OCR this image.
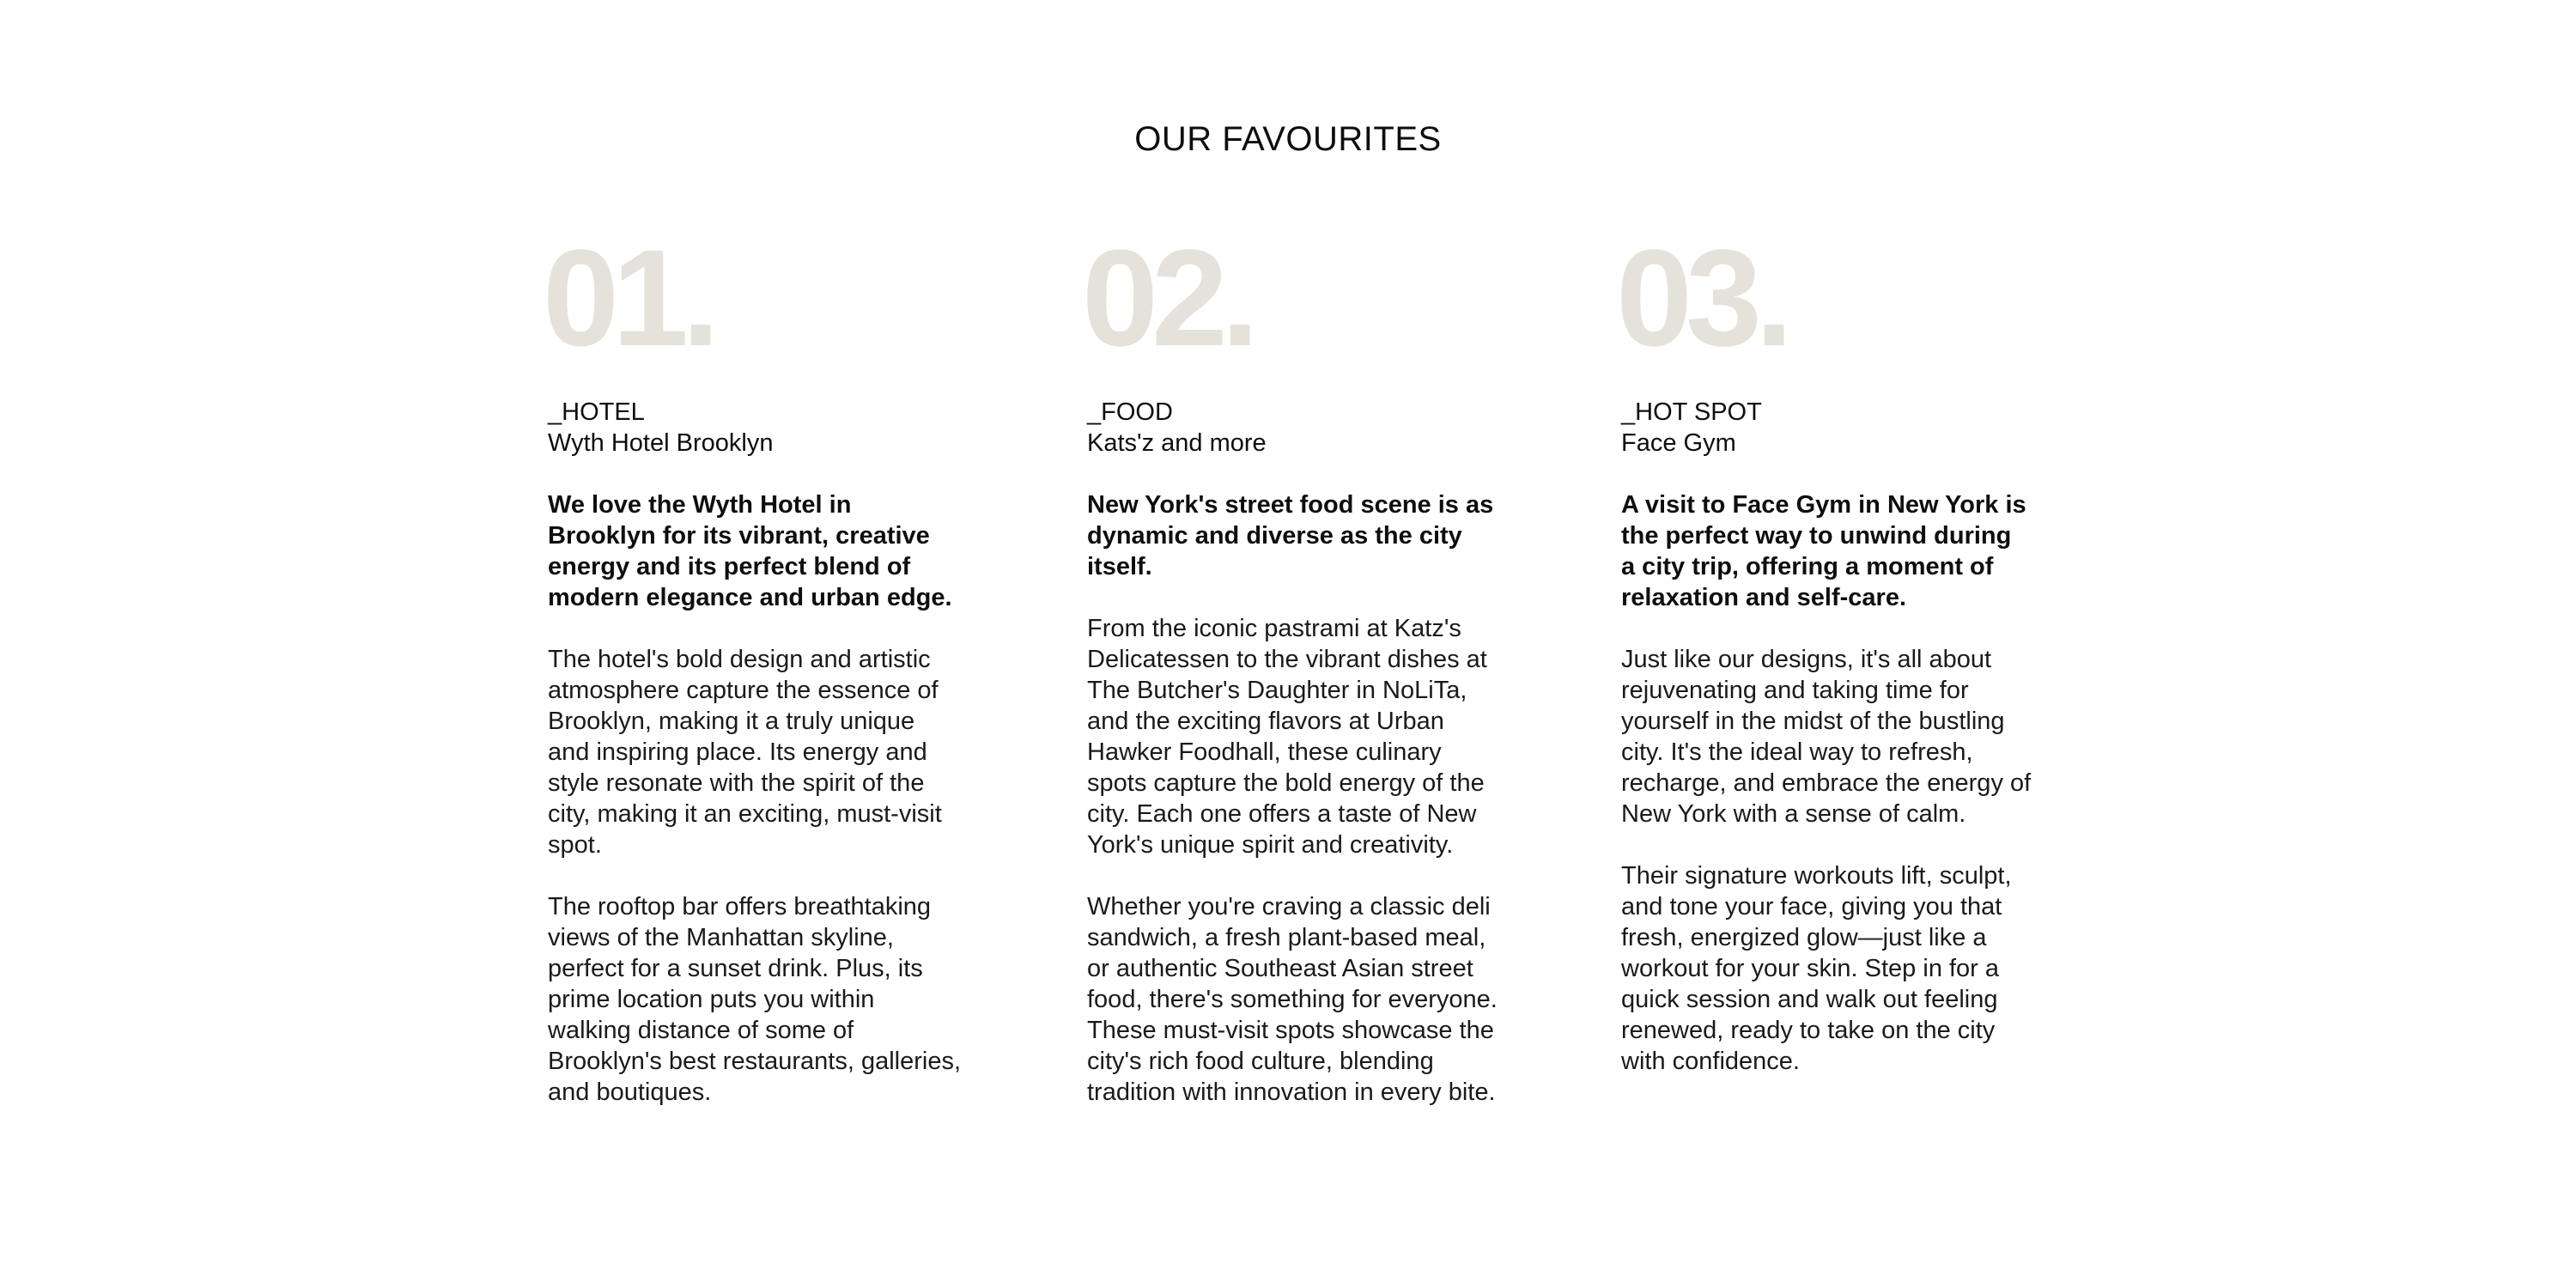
OUR FAVOURITES
01.
_HOTEL
Wyth Hotel Brooklyn
We love the Wyth Hotel in
Brooklyn for its vibrant, creative
energy and its perfect blend of
modern elegance and urban edge.
The hotel's bold design and artistic
atmosphere capture the essence of
Brooklyn, making it a truly unique
and inspiring place. Its energy and
style resonate with the spirit of the
city, making it an exciting, must-visit
spot.
The rooftop bar offers breathtaking
views of the Manhattan skyline,
perfect for a sunset drink. Plus, its
prime location puts you within
walking distance of some of
Brooklyn's best restaurants, galleries,
and boutiques.
02.
_FOOD
Kats'z and more
New York's street food scene is as
dynamic and diverse as the city
itself.
From the iconic pastrami at Katz's
Delicatessen to the vibrant dishes at
The Butcher's Daughter in NoLiTa,
and the exciting flavors at Urban
Hawker Foodhall, these culinary
spots capture the bold energy of the
city. Each one offers a taste of New
York's unique spirit and creativity.
Whether you're craving a classic deli
sandwich, a fresh plant-based meal,
or authentic Southeast Asian street
food, there's something for everyone.
These must-visit spots showcase the
city's rich food culture, blending
tradition with innovation in every bite.
03.
_HOT SPOT
Face Gym
A visit to Face Gym in New York is
the perfect way to unwind during
a city trip, offering a moment of
relaxation and self-care.
Just like our designs, it's all about
rejuvenating and taking time for
yourself in the midst of the bustling
city. It's the ideal way to refresh,
recharge, and embrace the energy of
New York with a sense of calm.
Their signature workouts lift, sculpt,
and tone your face, giving you that
fresh, energized glow—just like a
workout for your skin. Step in for a
quick session and walk out feeling
renewed, ready to take on the city
with confidence.
